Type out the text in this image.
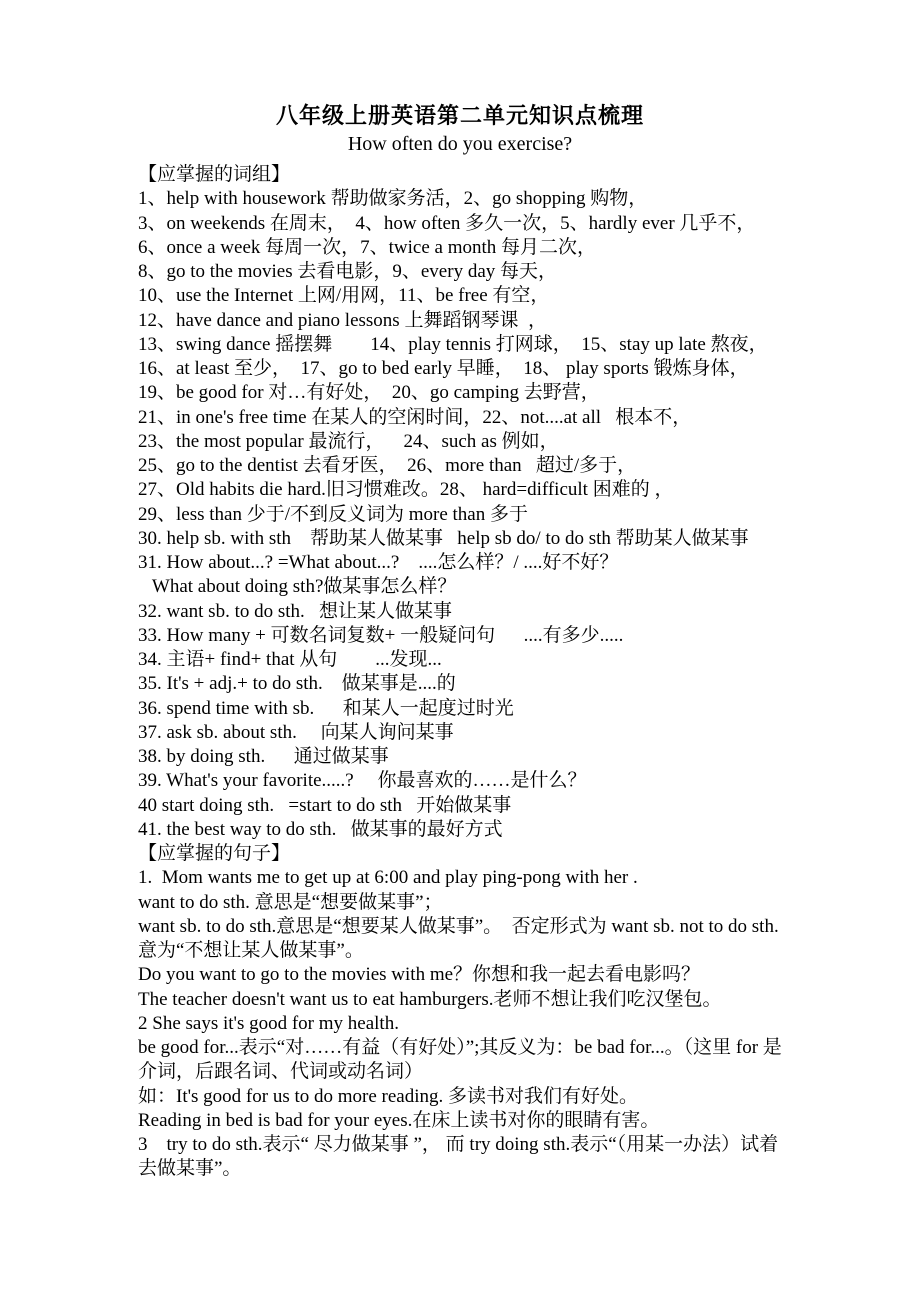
八年级上册英语第二单元知识点梳理
How often do you exercise?
【应掌握的词组】
1、help with housework 帮助做家务活，2、go shopping 购物，
3、on weekends 在周末，  4、how often 多久一次，5、hardly ever 几乎不，
6、once a week 每周一次，7、twice a month 每月二次，
8、go to the movies 去看电影，9、every day 每天，
10、use the Internet 上网/用网，11、be free 有空，
12、have dance and piano lessons 上舞蹈钢琴课  ，
13、swing dance 摇摆舞        14、play tennis 打网球，  15、stay up late 熬夜，
16、at least 至少，  17、go to bed early 早睡，  18、 play sports 锻炼身体，
19、be good for 对…有好处，  20、go camping 去野营，
21、in one's free time 在某人的空闲时间，22、not....at all   根本不，
23、the most popular 最流行，    24、such as 例如，
25、go to the dentist 去看牙医，  26、more than   超过/多于，
27、Old habits die hard.旧习惯难改。28、 hard=difficult 困难的 ，
29、less than 少于/不到反义词为 more than 多于
30. help sb. with sth    帮助某人做某事   help sb do/ to do sth 帮助某人做某事
31. How about...? =What about...?    ....怎么样？/ ....好不好？
What about doing sth?做某事怎么样？
32. want sb. to do sth.   想让某人做某事
33. How many + 可数名词复数+ 一般疑问句      ....有多少.....
34. 主语+ find+ that 从句        ...发现...
35. It's + adj.+ to do sth.    做某事是....的
36. spend time with sb.      和某人一起度过时光
37. ask sb. about sth.     向某人询问某事
38. by doing sth.      通过做某事
39. What's your favorite.....?     你最喜欢的……是什么？
40 start doing sth.   =start to do sth   开始做某事
41. the best way to do sth.   做某事的最好方式
【应掌握的句子】
1.  Mom wants me to get up at 6:00 and play ping-pong with her .
want to do sth. 意思是“想要做某事”；
want sb. to do sth.意思是“想要某人做某事”。  否定形式为 want sb. not to do sth.
意为“不想让某人做某事”。
Do you want to go to the movies with me？你想和我一起去看电影吗？
The teacher doesn't want us to eat hamburgers.老师不想让我们吃汉堡包。
2 She says it's good for my health.
be good for...表示“对……有益（有好处）”;其反义为：be bad for...。（这里 for 是
介词，后跟名词、代词或动名词）
如：It's good for us to do more reading. 多读书对我们有好处。
Reading in bed is bad for your eyes.在床上读书对你的眼睛有害。
3    try to do sth.表示“ 尽力做某事 ”， 而 try doing sth.表示“（用某一办法）试着
去做某事”。
